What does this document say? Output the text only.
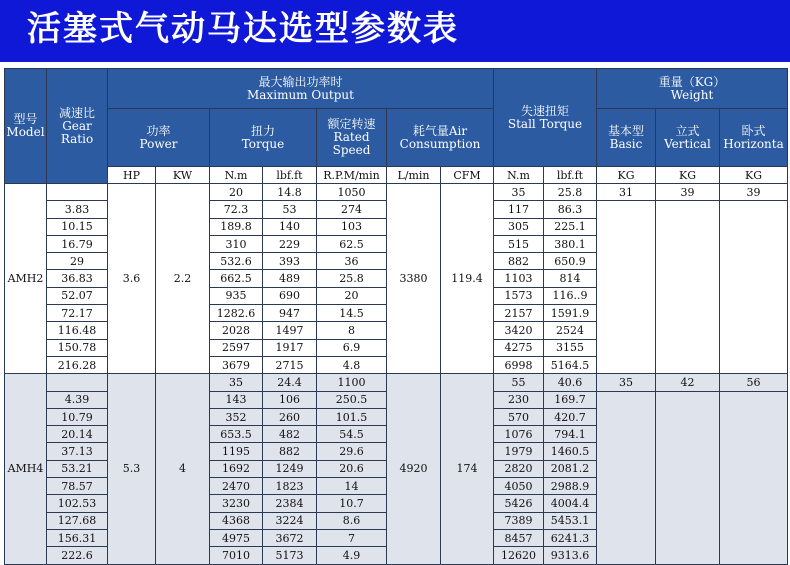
活塞式气动马达选型参数表
型号
Model	减速比
Gear
Ratio	最大输出功率时
Maximum Output							失速扭矩
Stall Torque		重量（KG）
Weight		
		功率
Power		扭力
Torque		额定转速
Rated
Speed	耗气量Air
Consumption				基本型
Basic	立式
Vertical	卧式
Horizonta
		HP	KW	N.m	lbf.ft	R.P.M/min	L/min	CFM	N.m	lbf.ft	KG	KG	KG
AMH2		3.6	2.2	20	14.8	1050	3380	119.4	35	25.8	31	39	39
	3.83			72.3	53	274			117	86.3			
	10.15			189.8	140	103			305	225.1			
	16.79			310	229	62.5			515	380.1			
	29			532.6	393	36			882	650.9			
	36.83			662.5	489	25.8			1103	814			
	52.07			935	690	20			1573	116..9			
	72.17			1282.6	947	14.5			2157	1591.9			
	116.48			2028	1497	8			3420	2524			
	150.78			2597	1917	6.9			4275	3155			
	216.28			3679	2715	4.8			6998	5164.5			
AMH4		5.3	4	35	24.4	1100	4920	174	55	40.6	35	42	56
	4.39			143	106	250.5			230	169.7			
	10.79			352	260	101.5			570	420.7			
	20.14			653.5	482	54.5			1076	794.1			
	37.13			1195	882	29.6			1979	1460.5			
	53.21			1692	1249	20.6			2820	2081.2			
	78.57			2470	1823	14			4050	2988.9			
	102.53			3230	2384	10.7			5426	4004.4			
	127.68			4368	3224	8.6			7389	5453.1			
	156.31			4975	3672	7			8457	6241.3			
	222.6			7010	5173	4.9			12620	9313.6			
